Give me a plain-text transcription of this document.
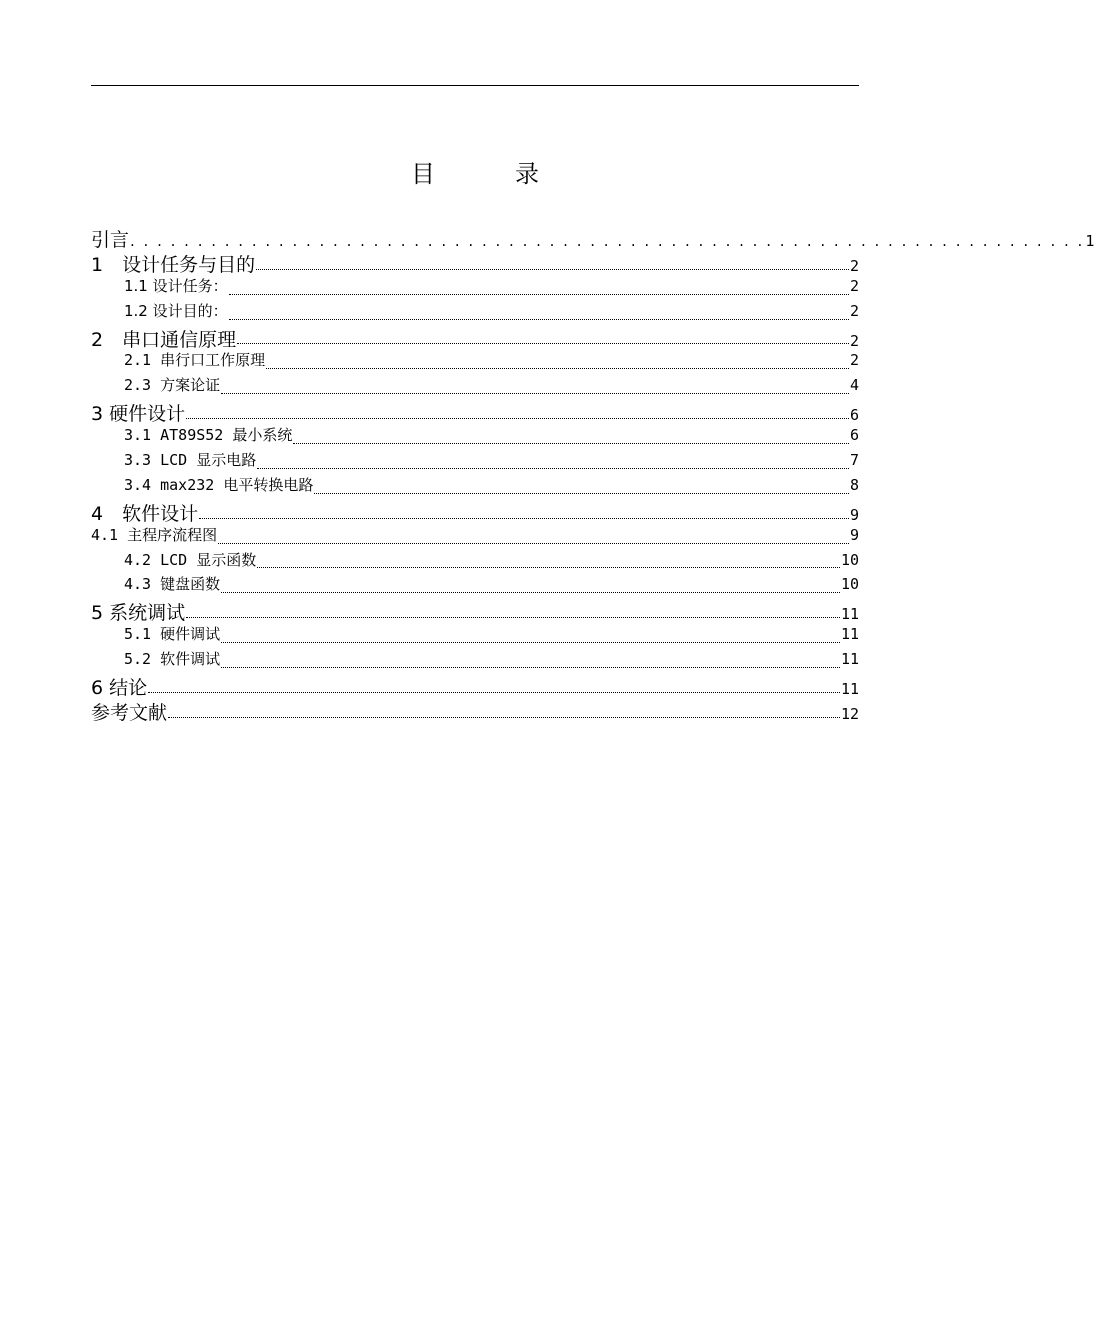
目　录
引言 . . . . . . . . . . . . . . . . . . . . . . . . . . . . . . . . . . . . . . . . . . . . . . . . . . . . . . . . . . . . . . . . . . . . . . . 1
1　设计任务与目的	2
1.1 设计任务：	2
1.2 设计目的：	2
2　串口通信原理	2
2.1 串行口工作原理	2
2.3 方案论证	4
3 硬件设计	6
3.1 AT89S52 最小系统	6
3.3 LCD 显示电路	7
3.4 max232 电平转换电路	8
4　软件设计	9
4.1 主程序流程图	9
4.2 LCD 显示函数	10
4.3 键盘函数	10
5 系统调试	11
5.1 硬件调试	11
5.2 软件调试	11
6 结论	11
参考文献	12
